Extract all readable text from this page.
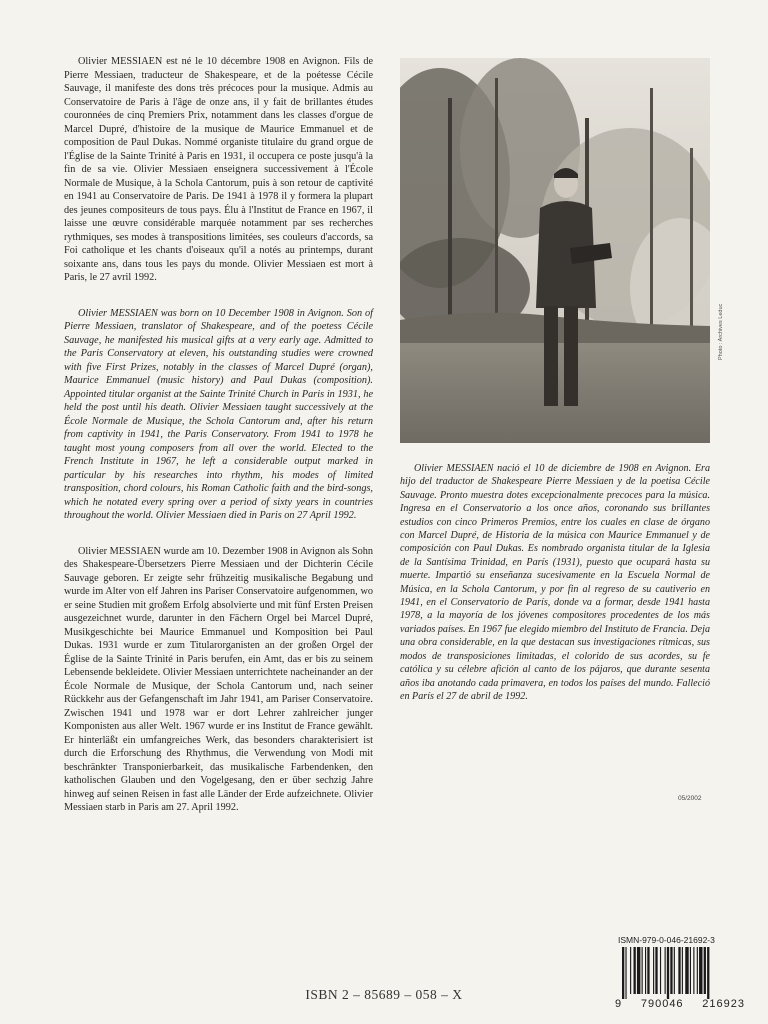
Olivier MESSIAEN est né le 10 décembre 1908 en Avignon. Fils de Pierre Messiaen, traducteur de Shakespeare, et de la poétesse Cécile Sauvage, il manifeste des dons très précoces pour la musique. Admis au Conservatoire de Paris à l'âge de onze ans, il y fait de brillantes études couronnées de cinq Premiers Prix, notamment dans les classes d'orgue de Marcel Dupré, d'histoire de la musique de Maurice Emmanuel et de composition de Paul Dukas. Nommé organiste titulaire du grand orgue de l'Église de la Sainte Trinité à Paris en 1931, il occupera ce poste jusqu'à la fin de sa vie. Olivier Messiaen enseignera successivement à l'École Normale de Musique, à la Schola Cantorum, puis à son retour de captivité en 1941 au Conservatoire de Paris. De 1941 à 1978 il y formera la plupart des jeunes compositeurs de tous pays. Élu à l'Institut de France en 1967, il laisse une œuvre considérable marquée notamment par ses recherches rythmiques, ses modes à transpositions limitées, ses couleurs d'accords, sa Foi catholique et les chants d'oiseaux qu'il a notés au printemps, durant soixante ans, dans tous les pays du monde. Olivier Messiaen est mort à Paris, le 27 avril 1992.

Olivier MESSIAEN was born on 10 December 1908 in Avignon. Son of Pierre Messiaen, translator of Shakespeare, and of the poetess Cécile Sauvage, he manifested his musical gifts at a very early age. Admitted to the Paris Conservatory at eleven, his outstanding studies were crowned with five First Prizes, notably in the classes of Marcel Dupré (organ), Maurice Emmanuel (music history) and Paul Dukas (composition). Appointed titular organist at the Sainte Trinité Church in Paris in 1931, he held the post until his death. Olivier Messiaen taught successively at the École Normale de Musique, the Schola Cantorum and, after his return from captivity in 1941, the Paris Conservatory. From 1941 to 1978 he taught most young composers from all over the world. Elected to the French Institute in 1967, he left a considerable output marked in particular by his researches into rhythm, his modes of limited transposition, chord colours, his Roman Catholic faith and the bird-songs, which he notated every spring over a period of sixty years in countries throughout the world. Olivier Messiaen died in Paris on 27 April 1992.

Olivier MESSIAEN wurde am 10. Dezember 1908 in Avignon als Sohn des Shakespeare-Übersetzers Pierre Messiaen und der Dichterin Cécile Sauvage geboren. Er zeigte sehr frühzeitig musikalische Begabung und wurde im Alter von elf Jahren ins Pariser Conservatoire aufgenommen, wo er seine Studien mit großem Erfolg absolvierte und mit fünf Ersten Preisen ausgezeichnet wurde, darunter in den Fächern Orgel bei Marcel Dupré, Musikgeschichte bei Maurice Emmanuel und Komposition bei Paul Dukas. 1931 wurde er zum Titularorganisten an der großen Orgel der Église de la Sainte Trinité in Paris berufen, ein Amt, das er bis zu seinem Lebensende bekleidete. Olivier Messiaen unterrichtete nacheinander an der École Normale de Musique, der Schola Cantorum und, nach seiner Rückkehr aus der Gefangenschaft im Jahr 1941, am Pariser Conservatoire. Zwischen 1941 und 1978 war er dort Lehrer zahlreicher junger Komponisten aus aller Welt. 1967 wurde er ins Institut de France gewählt. Er hinterläßt ein umfangreiches Werk, das besonders charakterisiert ist durch die Erforschung des Rhythmus, die Verwendung von Modi mit beschränkter Transponierbarkeit, das musikalische Farbendenken, den katholischen Glauben und den Vogelgesang, den er über sechzig Jahre hinweg auf seinen Reisen in fast alle Länder der Erde aufzeichnete. Olivier Messiaen starb in Paris am 27. April 1992.

Photo : Archives Leduc

Olivier MESSIAEN nació el 10 de diciembre de 1908 en Avignon. Era hijo del traductor de Shakespeare Pierre Messiaen y de la poetisa Cécile Sauvage. Pronto muestra dotes excepcionalmente precoces para la música. Ingresa en el Conservatorio a los once años, coronando sus brillantes estudios con cinco Primeros Premios, entre los cuales en clase de órgano con Marcel Dupré, de Historia de la música con Maurice Emmanuel y de composición con Paul Dukas. Es nombrado organista titular de la Iglesia de la Santísima Trinidad, en París (1931), puesto que ocupará hasta su muerte. Impartió su enseñanza sucesivamente en la Escuela Normal de Música, en la Schola Cantorum, y por fin al regreso de su cautiverio en 1941, en el Conservatorio de París, donde va a formar, desde 1941 hasta 1978, a la mayoría de los jóvenes compositores procedentes de los más variados países. En 1967 fue elegido miembro del Instituto de Francia. Deja una obra considerable, en la que destacan sus investigaciones rítmicas, sus modos de transposiciones limitadas, el colorido de sus acordes, su fe católica y su célebre afición al canto de los pájaros, que durante sesenta años iba anotando cada primavera, en todos los países del mundo. Falleció en París el 27 de abril de 1992.

05/2002
ISMN-979-0-046-21692-3
9 790046 216923
ISBN 2 – 85689 – 058 – X
